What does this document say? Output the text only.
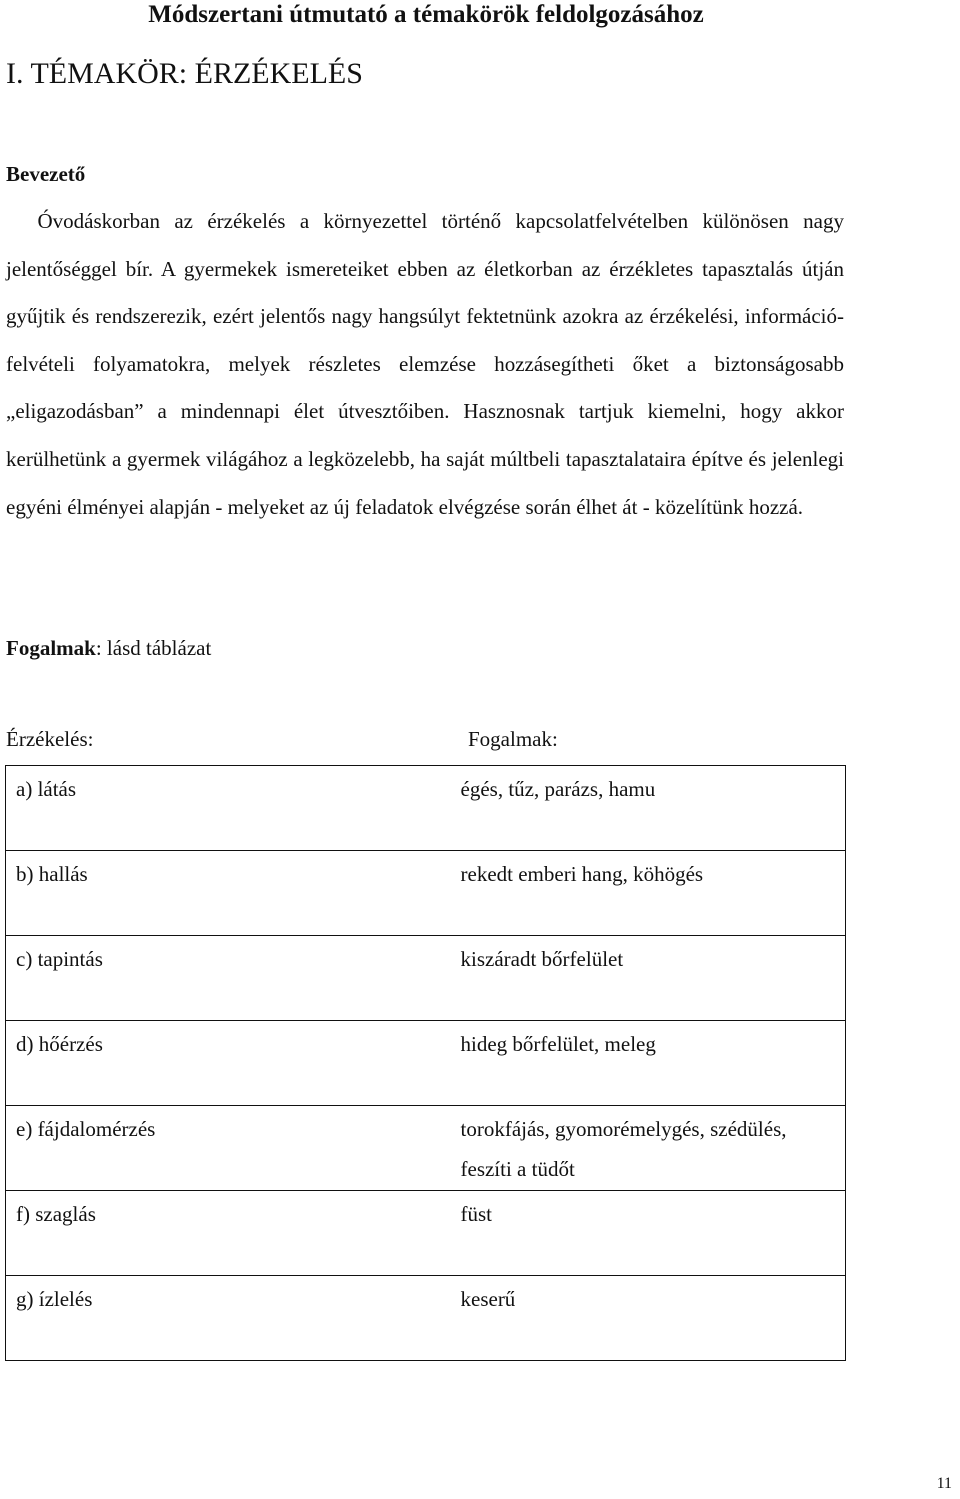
Módszertani útmutató a témakörök feldolgozásához
I. TÉMAKÖR: ÉRZÉKELÉS
Bevezető

Óvodáskorban az érzékelés a környezettel történő kapcsolatfelvételben különösen nagy jelentőséggel bír. A gyermekek ismereteiket ebben az életkorban az érzékletes tapasztalás útján gyűjtik és rendszerezik, ezért jelentős nagy hangsúlyt fektetnünk azokra az érzékelési, információ-felvételi folyamatokra, melyek részletes elemzése hozzásegítheti őket a biztonságosabb „eligazodásban” a mindennapi élet útvesztőiben. Hasznosnak tartjuk kiemelni, hogy akkor kerülhetünk a gyermek világához a legközelebb, ha saját múltbeli tapasztalataira építve és jelenlegi egyéni élményei alapján - melyeket az új feladatok elvégzése során élhet át - közelítünk hozzá.

Fogalmak: lásd táblázat

Érzékelés:	Fogalmak:

a) látás	égés, tűz, parázs, hamu
b) hallás	rekedt emberi hang, köhögés
c) tapintás	kiszáradt bőrfelület
d) hőérzés	hideg bőrfelület, meleg
e) fájdalomérzés	torokfájás, gyomorémelygés, szédülés, feszíti a tüdőt
f) szaglás	füst
g) ízlelés	keserű

11
